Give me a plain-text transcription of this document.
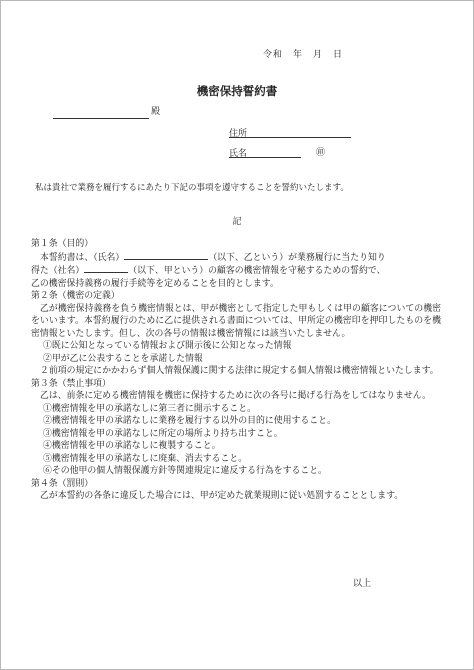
令和　年　月　日
機密保持誓約書
殿
住所
氏名	㊞
私は貴社で業務を履行するにあたり下記の事項を遵守することを誓約いたします。
記

第１条（目的）

本誓約書は、（氏名）	（以下、乙という）が業務履行に当たり知り

得た（社名）	（以下、甲という）の顧客の機密情報を守秘するための誓約で、

乙の機密保持義務の履行手続等を定めることを目的とします。

第２条（機密の定義）

乙が機密保持義務を負う機密情報とは、甲が機密として指定した甲もしくは甲の顧客についての機密をいいます。本誓約履行のために乙に提供される書面については、甲所定の機密印を押印したものを機密情報といたします。但し、次の各号の情報は機密情報には該当いたしません。

①既に公知となっている情報および開示後に公知となった情報

②甲が乙に公表することを承諾した情報

２前項の規定にかかわらず個人情報保護に関する法律に規定する個人情報は機密情報といたします。

第３条（禁止事項）

乙は、前条に定める機密情報を機密に保持するために次の各号に掲げる行為をしてはなりません。

①機密情報を甲の承諾なしに第三者に開示すること。

②機密情報を甲の承諾なしに業務を履行する以外の目的に使用すること。

③機密情報を甲の承諾なしに所定の場所より持ち出すこと。

④機密情報を甲の承諾なしに複製すること。

⑤機密情報を甲の承諾なしに廃棄、消去すること。

⑥その他甲の個人情報保護方針等関連規定に違反する行為をすること。

第４条（罰則）

乙が本誓約の各条に違反した場合には、甲が定めた就業規則に従い処罰することとします。

以上
